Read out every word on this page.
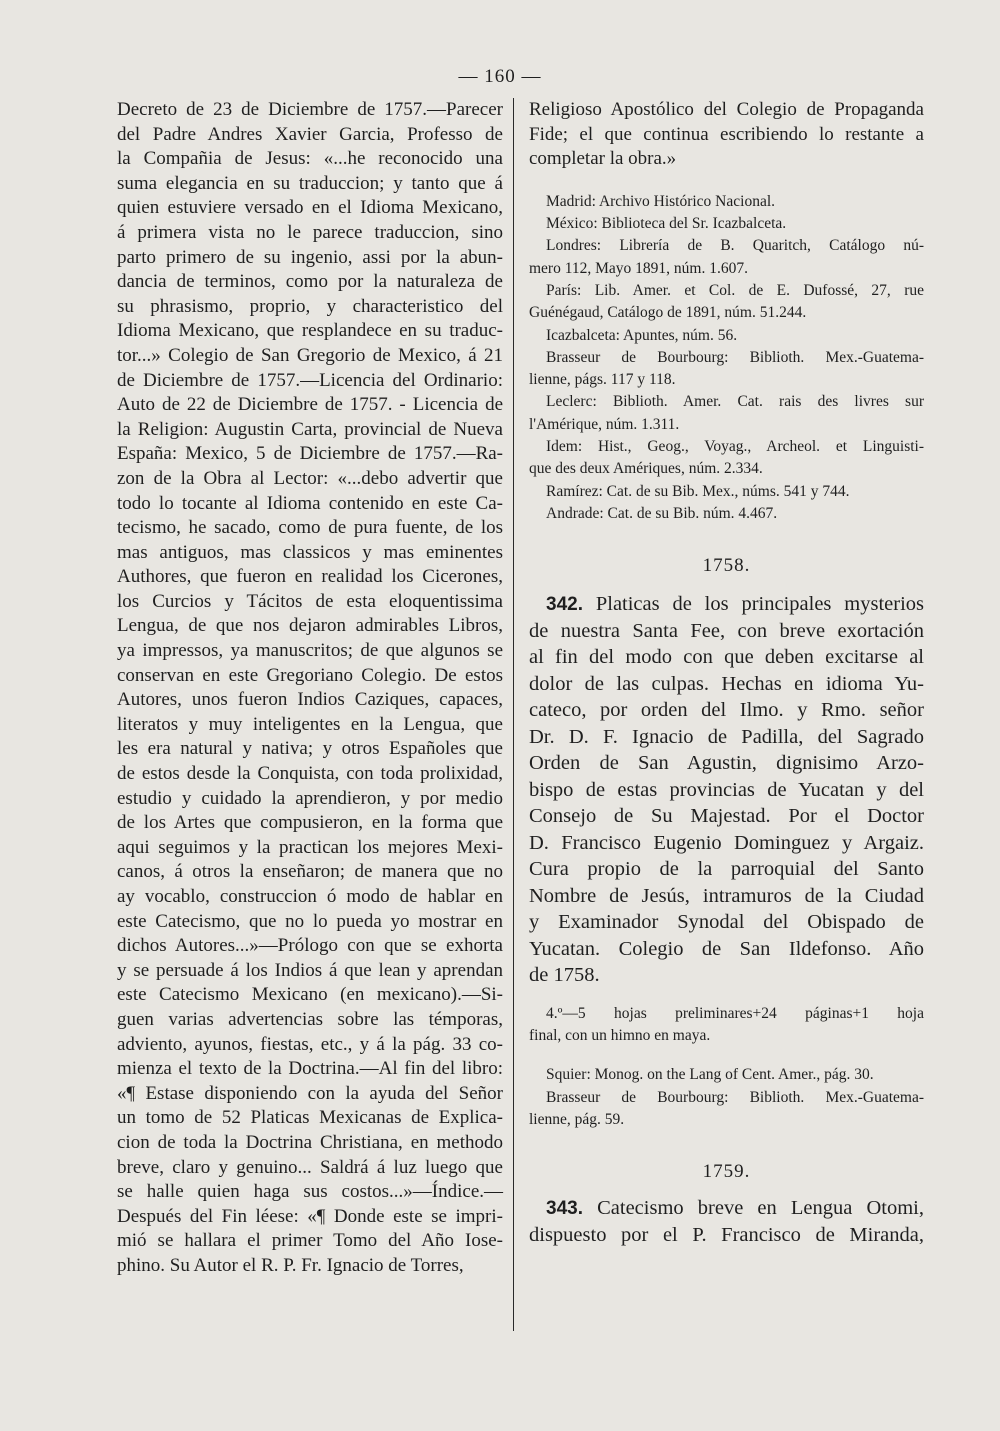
— 160 —
Decreto de 23 de Diciembre de 1757.—Parecer
del Padre Andres Xavier Garcia, Professo de
la Compañia de Jesus: «...he reconocido una
suma elegancia en su traduccion; y tanto que á
quien estuviere versado en el Idioma Mexicano,
á primera vista no le parece traduccion, sino
parto primero de su ingenio, assi por la abun-
dancia de terminos, como por la naturaleza de
su phrasismo, proprio, y characteristico del
Idioma Mexicano, que resplandece en su traduc-
tor...» Colegio de San Gregorio de Mexico, á 21
de Diciembre de 1757.—Licencia del Ordinario:
Auto de 22 de Diciembre de 1757. - Licencia de
la Religion: Augustin Carta, provincial de Nueva
España: Mexico, 5 de Diciembre de 1757.—Ra-
zon de la Obra al Lector: «...debo advertir que
todo lo tocante al Idioma contenido en este Ca-
tecismo, he sacado, como de pura fuente, de los
mas antiguos, mas classicos y mas eminentes
Authores, que fueron en realidad los Cicerones,
los Curcios y Tácitos de esta eloquentissima
Lengua, de que nos dejaron admirables Libros,
ya impressos, ya manuscritos; de que algunos se
conservan en este Gregoriano Colegio. De estos
Autores, unos fueron Indios Caziques, capaces,
literatos y muy inteligentes en la Lengua, que
les era natural y nativa; y otros Españoles que
de estos desde la Conquista, con toda prolixidad,
estudio y cuidado la aprendieron, y por medio
de los Artes que compusieron, en la forma que
aqui seguimos y la practican los mejores Mexi-
canos, á otros la enseñaron; de manera que no
ay vocablo, construccion ó modo de hablar en
este Catecismo, que no lo pueda yo mostrar en
dichos Autores...»—Prólogo con que se exhorta
y se persuade á los Indios á que lean y aprendan
este Catecismo Mexicano (en mexicano).—Si-
guen varias advertencias sobre las témporas,
adviento, ayunos, fiestas, etc., y á la pág. 33 co-
mienza el texto de la Doctrina.—Al fin del libro:
«¶ Estase disponiendo con la ayuda del Señor
un tomo de 52 Platicas Mexicanas de Explica-
cion de toda la Doctrina Christiana, en methodo
breve, claro y genuino... Saldrá á luz luego que
se halle quien haga sus costos...»—Índice.—
Después del Fin léese: «¶ Donde este se impri-
mió se hallara el primer Tomo del Año Iose-
phino. Su Autor el R. P. Fr. Ignacio de Torres,
Religioso Apostólico del Colegio de Propaganda
Fide; el que continua escribiendo lo restante a
completar la obra.»
Madrid: Archivo Histórico Nacional.
México: Biblioteca del Sr. Icazbalceta.
Londres: Librería de B. Quaritch, Catálogo nú-
mero 112, Mayo 1891, núm. 1.607.
París: Lib. Amer. et Col. de E. Dufossé, 27, rue
Guénégaud, Catálogo de 1891, núm. 51.244.
Icazbalceta: Apuntes, núm. 56.
Brasseur de Bourbourg: Biblioth. Mex.-Guatema-
lienne, págs. 117 y 118.
Leclerc: Biblioth. Amer. Cat. rais des livres sur
l'Amérique, núm. 1.311.
Idem: Hist., Geog., Voyag., Archeol. et Linguisti-
que des deux Amériques, núm. 2.334.
Ramírez: Cat. de su Bib. Mex., núms. 541 y 744.
Andrade: Cat. de su Bib. núm. 4.467.
1758.
342. Platicas de los principales mysterios
de nuestra Santa Fee, con breve exortación
al fin del modo con que deben excitarse al
dolor de las culpas. Hechas en idioma Yu-
cateco, por orden del Ilmo. y Rmo. señor
Dr. D. F. Ignacio de Padilla, del Sagrado
Orden de San Agustin, dignisimo Arzo-
bispo de estas provincias de Yucatan y del
Consejo de Su Majestad. Por el Doctor
D. Francisco Eugenio Dominguez y Argaiz.
Cura propio de la parroquial del Santo
Nombre de Jesús, intramuros de la Ciudad
y Examinador Synodal del Obispado de
Yucatan. Colegio de San Ildefonso. Año
de 1758.
4.º—5 hojas preliminares+24 páginas+1 hoja
final, con un himno en maya.
Squier: Monog. on the Lang of Cent. Amer., pág. 30.
Brasseur de Bourbourg: Biblioth. Mex.-Guatema-
lienne, pág. 59.
1759.
343. Catecismo breve en Lengua Otomi,
dispuesto por el P. Francisco de Miranda,
